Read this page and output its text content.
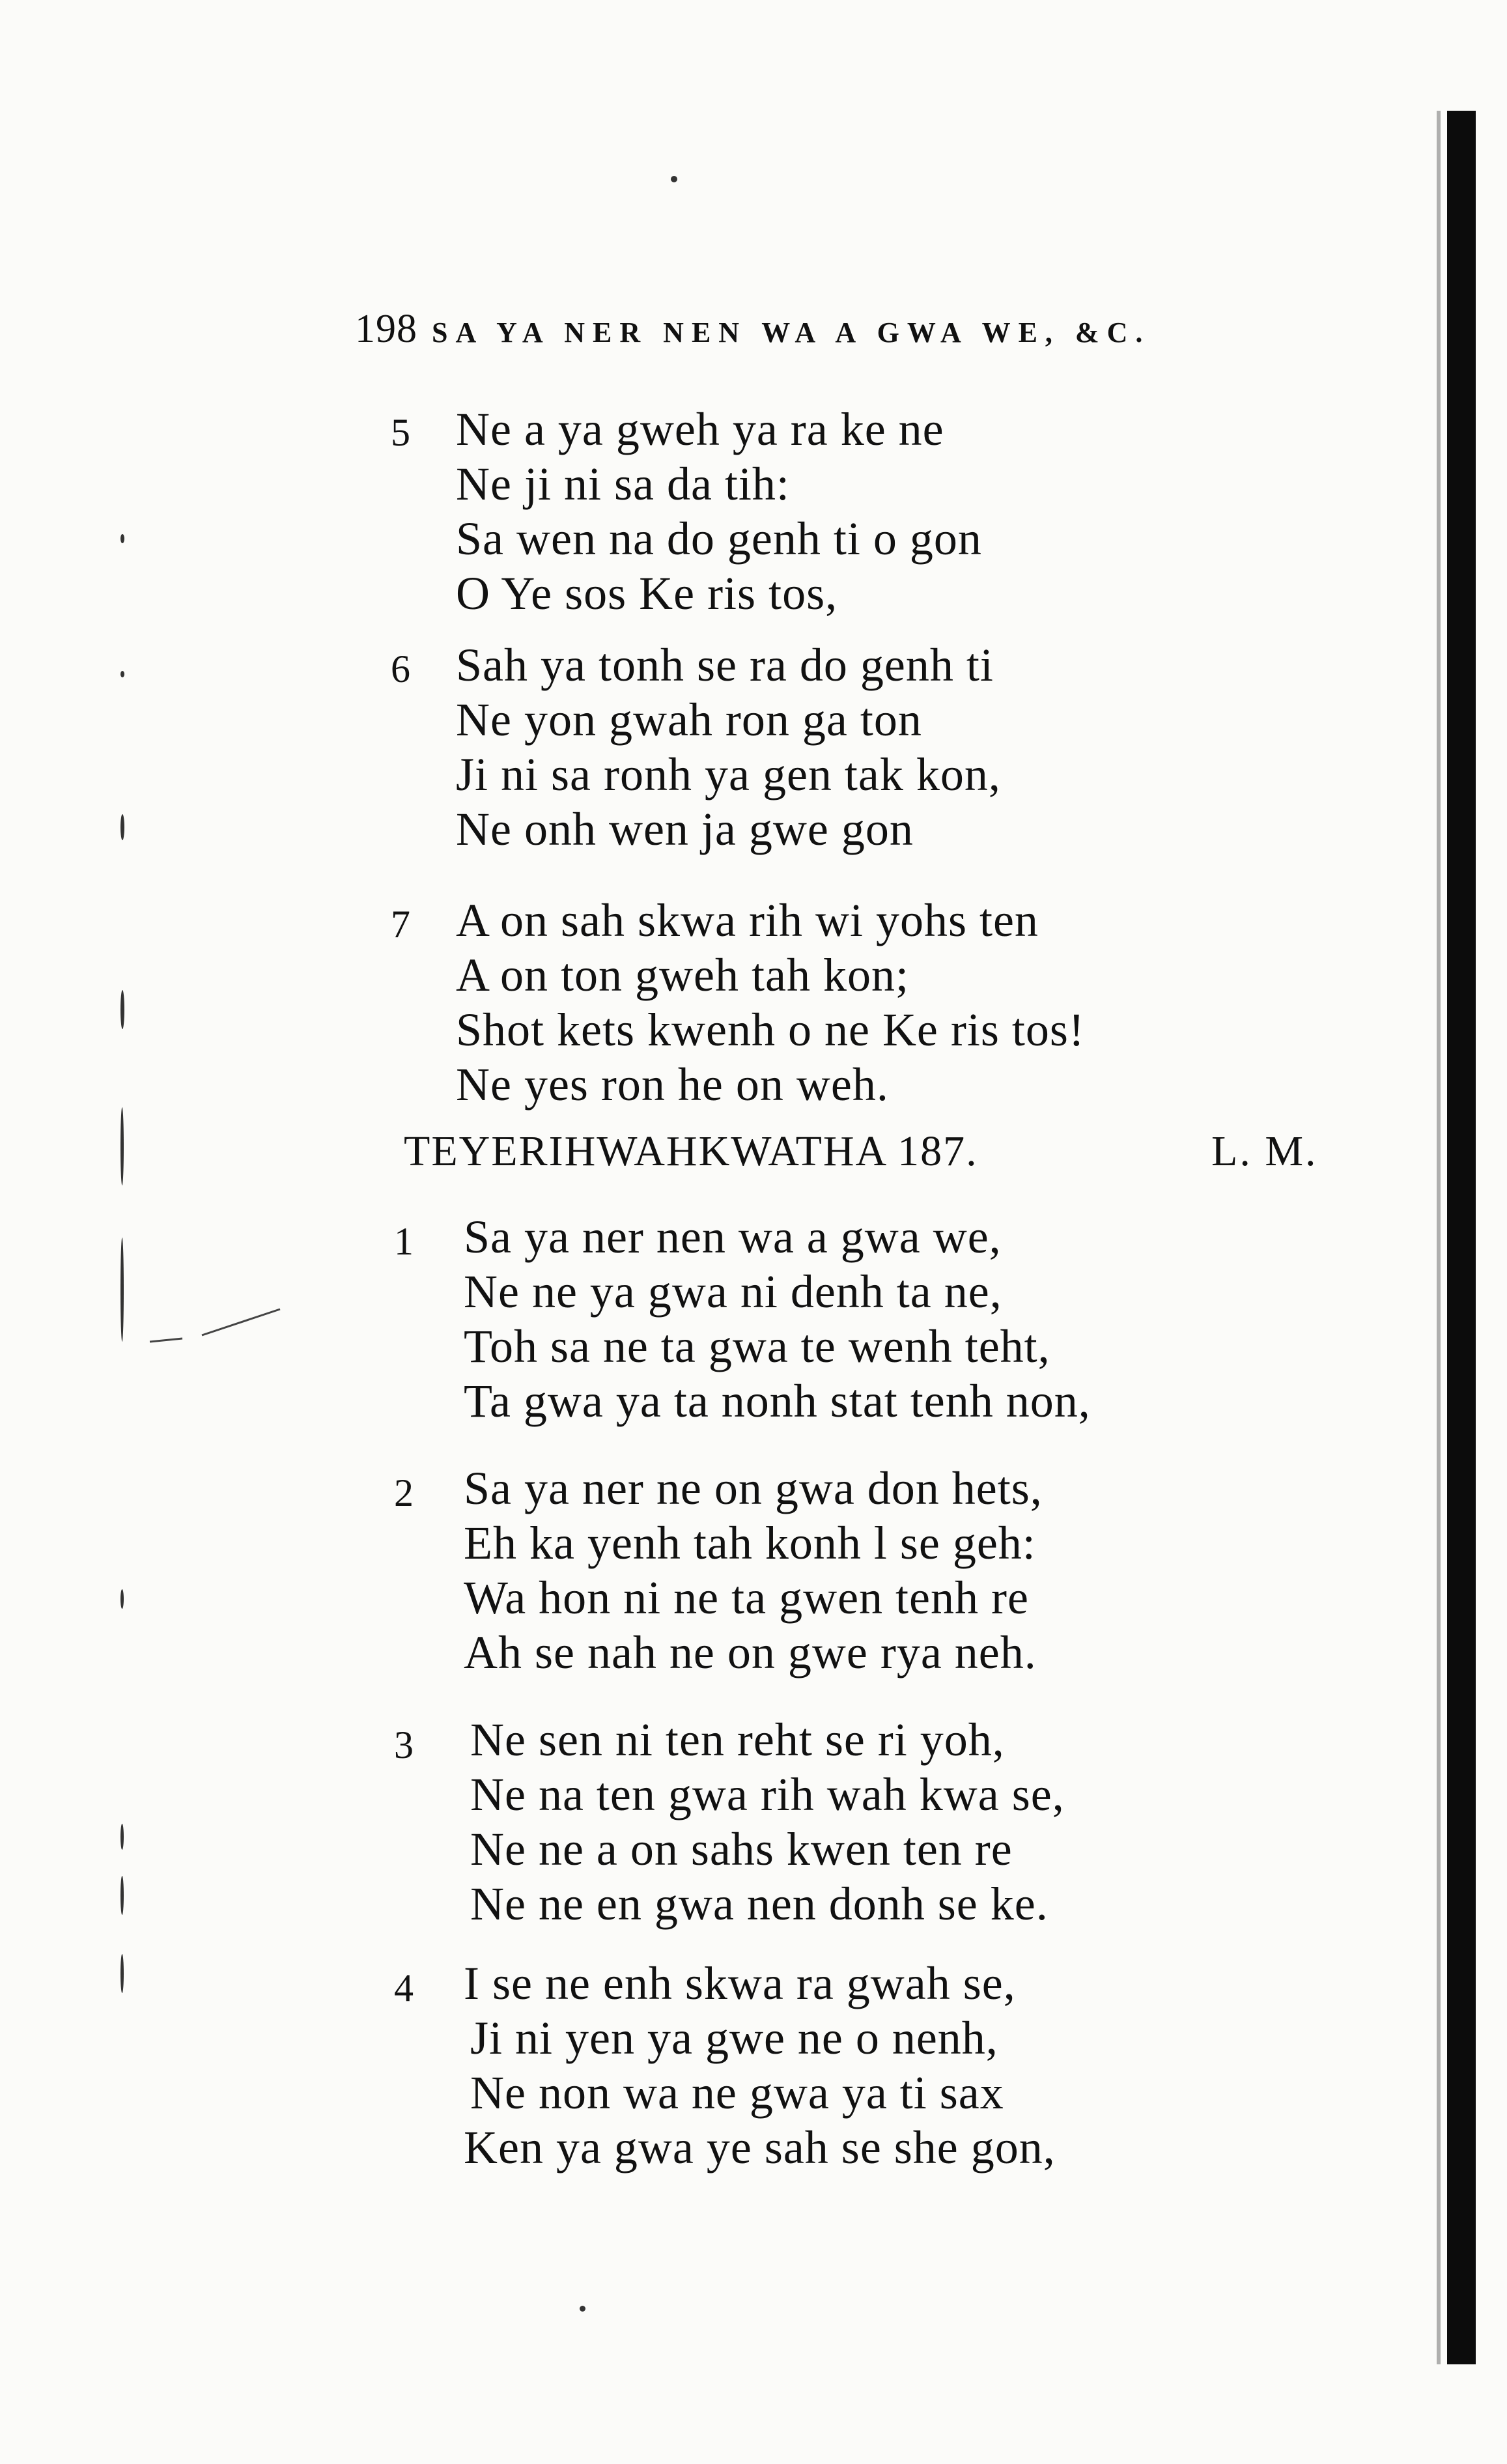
198 SA YA NER NEN WA A GWA WE, &C.
5 Ne a ya gweh ya ra ke ne
Ne ji ni sa da tih:
Sa wen na do genh ti o gon
O Ye sos Ke ris tos,
6 Sah ya tonh se ra do genh ti
Ne yon gwah ron ga ton
Ji ni sa ronh ya gen tak kon,
Ne onh wen ja gwe gon
7 A on sah skwa rih wi yohs ten
A on ton gweh tah kon;
Shot kets kwenh o ne Ke ris tos!
Ne yes ron he on weh.
TEYERIHWAHKWATHA 187.	L. M.
1 Sa ya ner nen wa a gwa we,
Ne ne ya gwa ni denh ta ne,
Toh sa ne ta gwa te wenh teht,
Ta gwa ya ta nonh stat tenh non,
2 Sa ya ner ne on gwa don hets,
Eh ka yenh tah konh l se geh:
Wa hon ni ne ta gwen tenh re
Ah se nah ne on gwe rya neh.
3 Ne sen ni ten reht se ri yoh,
Ne na ten gwa rih wah kwa se,
Ne ne a on sahs kwen ten re
Ne ne en gwa nen donh se ke.
4 I se ne enh skwa ra gwah se,
Ji ni yen ya gwe ne o nenh,
Ne non wa ne gwa ya ti sax
Ken ya gwa ye sah se she gon,
